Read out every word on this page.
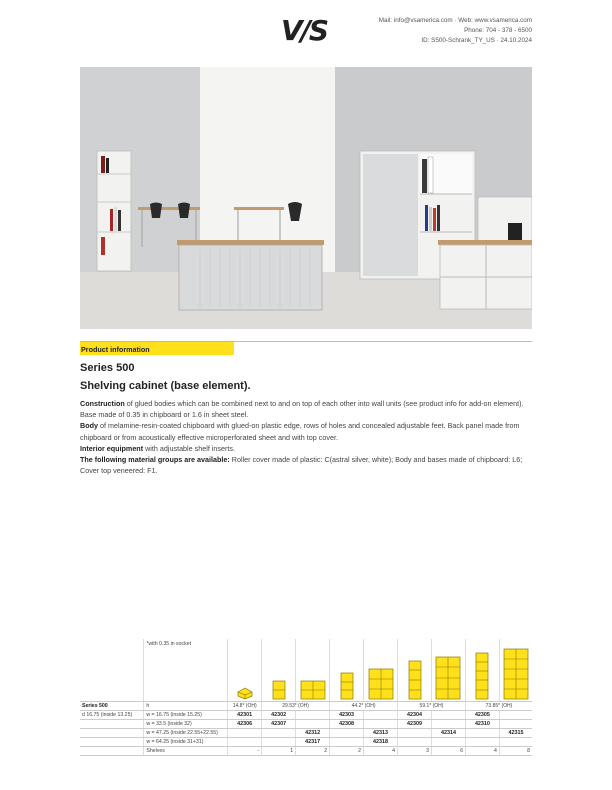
V/S	Mail: info@vsamerica.com · Web: www.vsamerica.com
Phone: 704 - 378 - 6500
ID: S500-Schrank_TY_US · 24.10.2024
Product information
Series 500
Shelving cabinet (base element).

Construction of glued bodies which can be combined next to and on top of each other into wall units (see product info for add-on element). Base made of 0.35 in chipboard or 1.6 in sheet steel.

Body of melamine-resin-coated chipboard with glued-on plastic edge, rows of holes and concealed adjustable feet. Back panel made from chipboard or from acoustically effective microperforated sheet and with top cover.

Interior equipment with adjustable shelf inserts.

The following material groups are available: Roller cover made of plastic: C(astral silver, white); Body and bases made of chipboard: L6; Cover top veneered: F1.

	*with 0.35 in socket	

Series 500	h	14.8* (OH)	29.53* (OH)		44.2* (OH)		59.1* (OH)		73.85* (OH)	
d 16.75 (inside 13.25)	w = 16.75 (inside 15.25)	42301	42302		42303		42304		42305	
	w = 33.5 (inside 32)	42306	42307		42308		42309		42310	
	w = 47.25 (inside 22.55+22.55)			42312		42313		42314		42315
	w = 64.25 (inside 31+31)			42317		42318				
	Shelves	-	1	2	2	4	3	6	4	8
